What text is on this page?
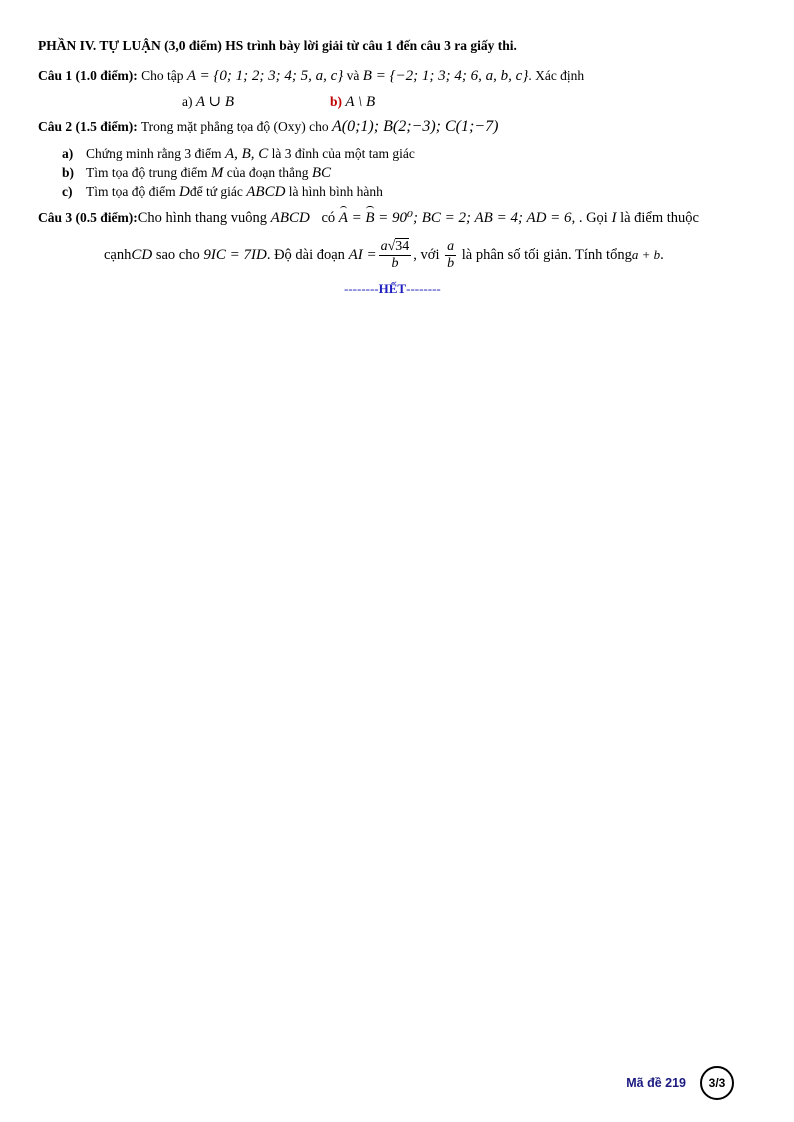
PHẦN IV. TỰ LUẬN (3,0 điểm) HS trình bày lời giải từ câu 1 đến câu 3 ra giấy thi.
Câu 1 (1.0 điểm): Cho tập A = {0; 1; 2; 3; 4; 5, a, c} và B = {−2; 1; 3; 4; 6, a, b, c}. Xác định
a) A ∪ B	b) A \ B
Câu 2 (1.5 điểm): Trong mặt phẳng tọa độ (Oxy) cho A(0;1); B(2;−3); C(1;−7)
a) Chứng minh rằng 3 điểm A, B, C là 3 đỉnh của một tam giác
b) Tìm tọa độ trung điểm M của đoạn thẳng BC
c) Tìm tọa độ điểm Dđể tứ giác ABCD là hình bình hành
Câu 3 (0.5 điểm):Cho hình thang vuông ABCD có A = B = 90⁰; BC = 2; AB = 4; AD = 6, . Gọi I là điểm thuộc
cạnhCD sao cho 9IC = 7ID. Độ dài đoạn AI = $\frac{a√34}{b}$ , với $\frac{a}{b}$ là phân số tối giản. Tính tổnga + b.
--------HẾT--------
Mã đề 219	3/3
